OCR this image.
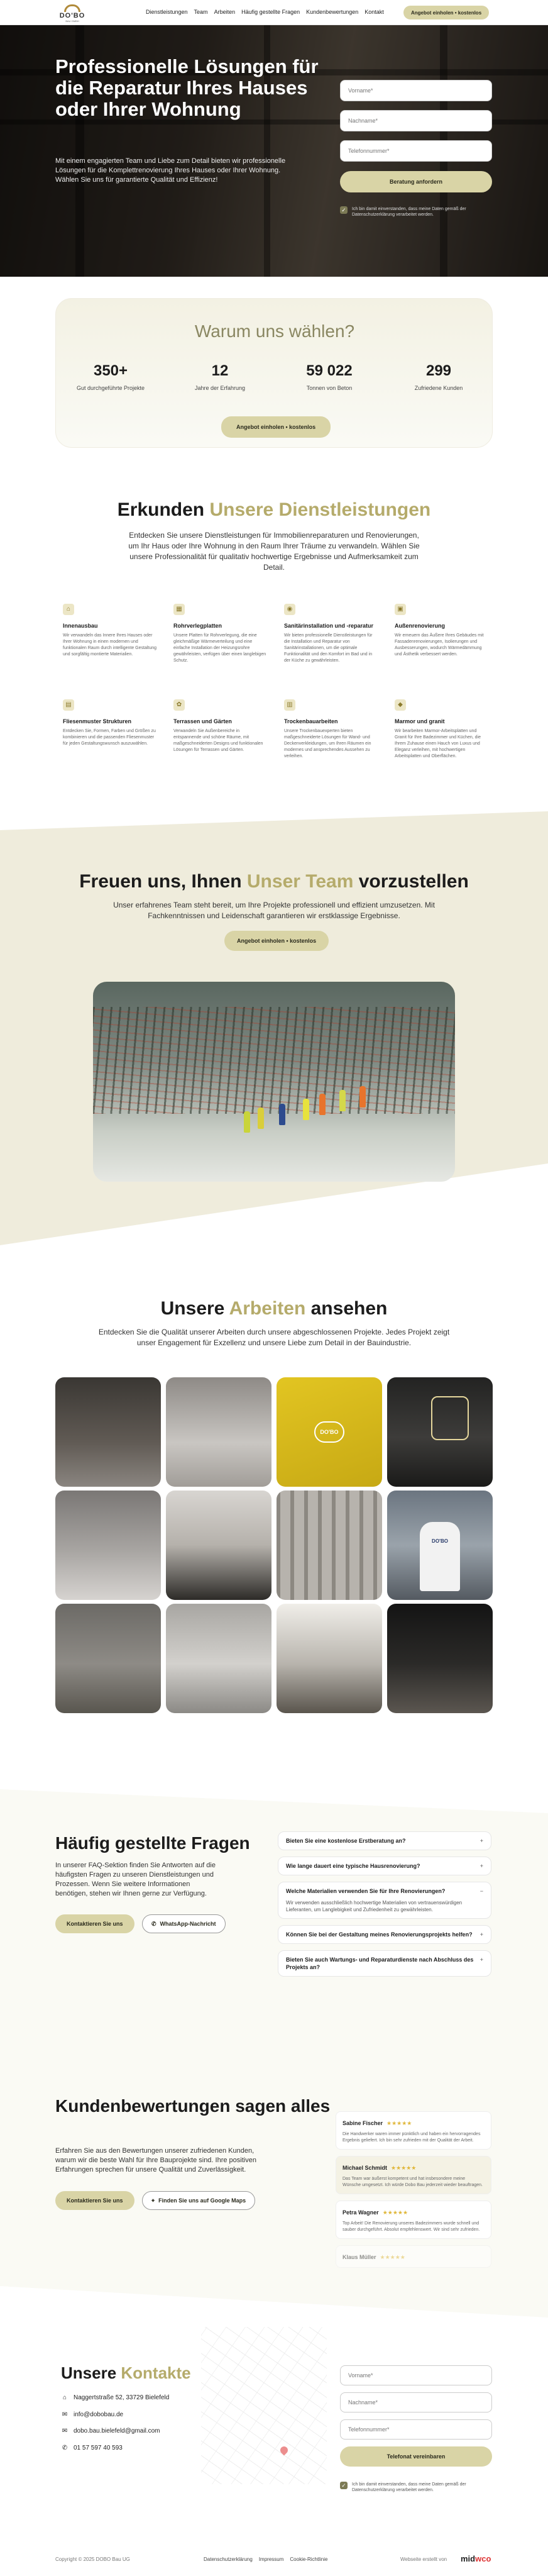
DO'BO
BAU GMBH
Dienstleistungen Team Arbeiten Häufig gestellte Fragen Kundenbewertungen Kontakt	Angebot einholen • kostenlos
Professionelle Lösungen für die Reparatur Ihres Hauses oder Ihrer Wohnung
Mit einem engagierten Team und Liebe zum Detail bieten wir professionelle Lösungen für die Komplettrenovierung Ihres Hauses oder Ihrer Wohnung. Wählen Sie uns für garantierte Qualität und Effizienz!
Vorname*
Nachname*
Telefonnummer*	Beratung anfordern
✓	Ich bin damit einverstanden, dass meine Daten gemäß der Datenschutzerklärung verarbeitet werden.
Warum uns wählen?
350+
Gut durchgeführte Projekte
12
Jahre der Erfahrung
59 022
Tonnen von Beton
299
Zufriedene Kunden
Angebot einholen • kostenlos
Erkunden Unsere Dienstleistungen
Entdecken Sie unsere Dienstleistungen für Immobilienreparaturen und Renovierungen, um Ihr Haus oder Ihre Wohnung in den Raum Ihrer Träume zu verwandeln. Wählen Sie unsere Professionalität für qualitativ hochwertige Ergebnisse und Aufmerksamkeit zum Detail.
⌂
Innenausbau

Wir verwandeln das Innere Ihres Hauses oder Ihrer Wohnung in einen modernen und funktionalen Raum durch intelligente Gestaltung und sorgfältig montierte Materialien.

▦
Rohrverlegplatten

Unsere Platten für Rohrverlegung, die eine gleichmäßige Wärmeverteilung und eine einfache Installation der Heizungsrohre gewährleisten, verfügen über einen langlebigen Schutz.

◉
Sanitärinstallation und -reparatur

Wir bieten professionelle Dienstleistungen für die Installation und Reparatur von Sanitärinstallationen, um die optimale Funktionalität und den Komfort im Bad und in der Küche zu gewährleisten.

▣
Außenrenovierung

Wir erneuern das Äußere Ihres Gebäudes mit Fassadenrenovierungen, Isolierungen und Ausbesserungen, wodurch Wärmedämmung und Ästhetik verbessert werden.

▤
Fliesenmuster Strukturen

Entdecken Sie, Formen, Farben und Größen zu kombinieren und die passenden Fliesenmuster für jeden Gestaltungswunsch auszuwählen.

✿
Terrassen und Gärten

Verwandeln Sie Außenbereiche in entspannende und schöne Räume, mit maßgeschneiderten Designs und funktionalen Lösungen für Terrassen und Gärten.

▥
Trockenbauarbeiten

Unsere Trockenbauexperten bieten maßgeschneiderte Lösungen für Wand- und Deckenverkleidungen, um Ihren Räumen ein modernes und ansprechendes Aussehen zu verleihen.

◆
Marmor und granit

Wir bearbeiten Marmor-Arbeitsplatten und Granit für Ihre Badezimmer und Küchen, die Ihrem Zuhause einen Hauch von Luxus und Eleganz verleihen, mit hochwertigen Arbeitsplatten und Oberflächen.

Freuen uns, Ihnen Unser Team vorzustellen
Unser erfahrenes Team steht bereit, um Ihre Projekte professionell und effizient umzusetzen. Mit Fachkenntnissen und Leidenschaft garantieren wir erstklassige Ergebnisse.
Angebot einholen • kostenlos
Unsere Arbeiten ansehen
Entdecken Sie die Qualität unserer Arbeiten durch unsere abgeschlossenen Projekte. Jedes Projekt zeigt unser Engagement für Exzellenz und unsere Liebe zum Detail in der Bauindustrie.
DO'BO
DO'BO
Häufig gestellte Fragen
In unserer FAQ-Sektion finden Sie Antworten auf die häufigsten Fragen zu unseren Dienstleistungen und Prozessen. Wenn Sie weitere Informationen benötigen, stehen wir Ihnen gerne zur Verfügung.
Kontaktieren Sie uns	✆ WhatsApp-Nachricht
Bieten Sie eine kostenlose Erstberatung an?	+
Wie lange dauert eine typische Hausrenovierung?	+
Welche Materialien verwenden Sie für Ihre Renovierungen?	−
Wir verwenden ausschließlich hochwertige Materialien von vertrauenswürdigen Lieferanten, um Langlebigkeit und Zufriedenheit zu gewährleisten.
Können Sie bei der Gestaltung meines Renovierungsprojekts helfen?	+
Bieten Sie auch Wartungs- und Reparaturdienste nach Abschluss des Projekts an?
+
Kundenbewertungen sagen alles
Erfahren Sie aus den Bewertungen unserer zufriedenen Kunden, warum wir die beste Wahl für Ihre Bauprojekte sind. Ihre positiven Erfahrungen sprechen für unsere Qualität und Zuverlässigkeit.
Kontaktieren Sie uns	⌖ Finden Sie uns auf Google Maps
Sabine Fischer ★★★★★
Die Handwerker waren immer pünktlich und haben ein hervorragendes Ergebnis geliefert. Ich bin sehr zufrieden mit der Qualität der Arbeit.
Michael Schmidt ★★★★★
Das Team war äußerst kompetent und hat insbesondere meine Wünsche umgesetzt. Ich würde Dobo Bau jederzeit wieder beauftragen.
Petra Wagner ★★★★★
Top Arbeit! Die Renovierung unseres Badezimmers wurde schnell und sauber durchgeführt. Absolut empfehlenswert. Wir sind sehr zufrieden.
Klaus Müller ★★★★★
Unsere Kontakte
⌂ Naggertstraße 52, 33729 Bielefeld
✉ info@dobobau.de
✉ dobo.bau.bielefeld@gmail.com
✆ 01 57 597 40 593
Vorname*
Nachname*
Telefonnummer* Telefonat vereinbaren
✓	Ich bin damit einverstanden, dass meine Daten gemäß der Datenschutzerklärung verarbeitet werden.
Copyright © 2025 DOBO Bau UG	Datenschutzerklärung Impressum Cookie-Richtlinie	Webseite erstellt von midwco
